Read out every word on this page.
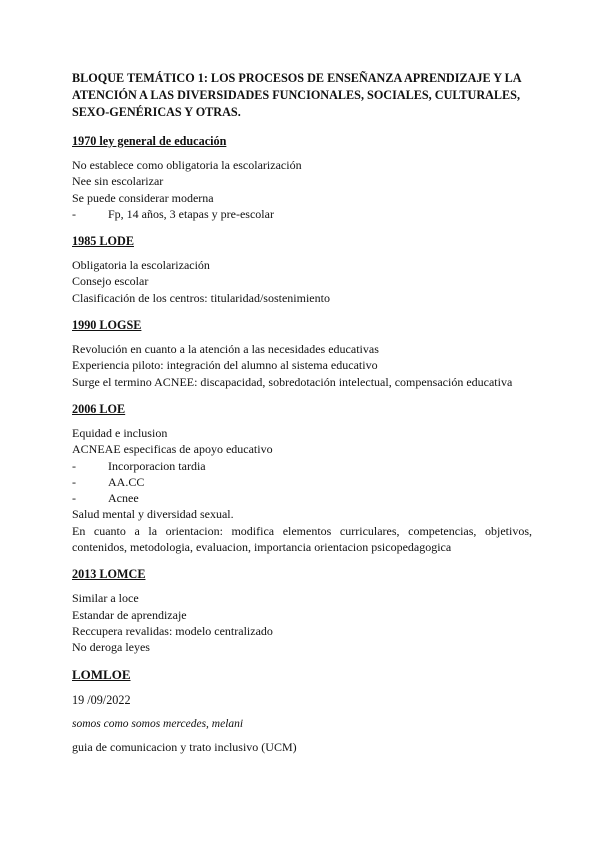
BLOQUE TEMÁTICO 1: LOS PROCESOS DE ENSEÑANZA APRENDIZAJE Y LA ATENCIÓN A LAS DIVERSIDADES FUNCIONALES, SOCIALES, CULTURALES, SEXO-GENÉRICAS Y OTRAS.
1970 ley general de educación
No establece como obligatoria la escolarización
Nee sin escolarizar
Se puede considerar moderna
-	Fp, 14 años, 3 etapas y pre-escolar
1985 LODE
Obligatoria la escolarización
Consejo escolar
Clasificación de los centros: titularidad/sostenimiento
1990 LOGSE
Revolución en cuanto a la atención a las necesidades educativas
Experiencia piloto: integración del alumno al sistema educativo
Surge el termino ACNEE: discapacidad, sobredotación intelectual, compensación educativa
2006 LOE
Equidad e inclusion
ACNEAE especificas de apoyo educativo
-	Incorporacion tardia
-	AA.CC
-	Acnee
Salud mental y diversidad sexual.
En cuanto a la orientacion: modifica elementos curriculares, competencias, objetivos, contenidos, metodologia, evaluacion, importancia orientacion psicopedagogica
2013 LOMCE
Similar a loce
Estandar de aprendizaje
Reccupera revalidas: modelo centralizado
No deroga leyes
LOMLOE
19 /09/2022
somos como somos mercedes, melani
guia de comunicacion y trato inclusivo (UCM)
